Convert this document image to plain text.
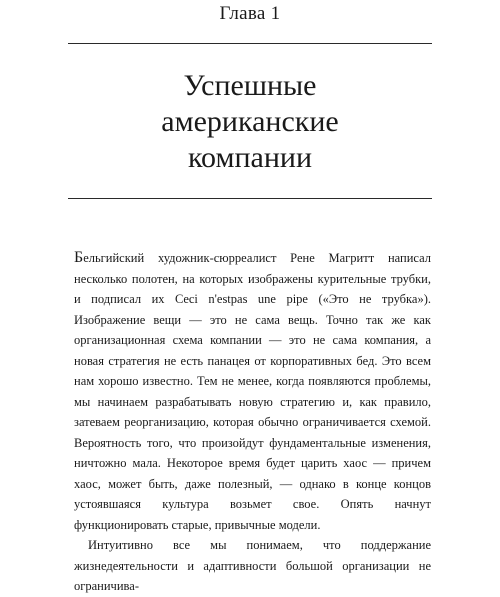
Глава 1
Успешные
американские
компании

Бельгийский художник-сюрреалист Рене Магритт написал несколько полотен, на которых изображены курительные трубки, и подписал их Ceci n'estpas une pipe («Это не трубка»). Изображение вещи — это не сама вещь. Точно так же как организационная схема компании — это не сама компания, а новая стратегия не есть панацея от корпоративных бед. Это всем нам хорошо известно. Тем не менее, когда появляются проблемы, мы начинаем разрабатывать новую стратегию и, как правило, затеваем реорганизацию, которая обычно ограничивается схемой. Вероятность того, что произойдут фундаментальные изменения, ничтожно мала. Некоторое время будет царить хаос — причем хаос, может быть, даже полезный, — однако в конце концов устоявшаяся культура возьмет свое. Опять начнут функционировать старые, привычные модели.

Интуитивно все мы понимаем, что поддержание жизнедеятельности и адаптивности большой организации не ограничива-
